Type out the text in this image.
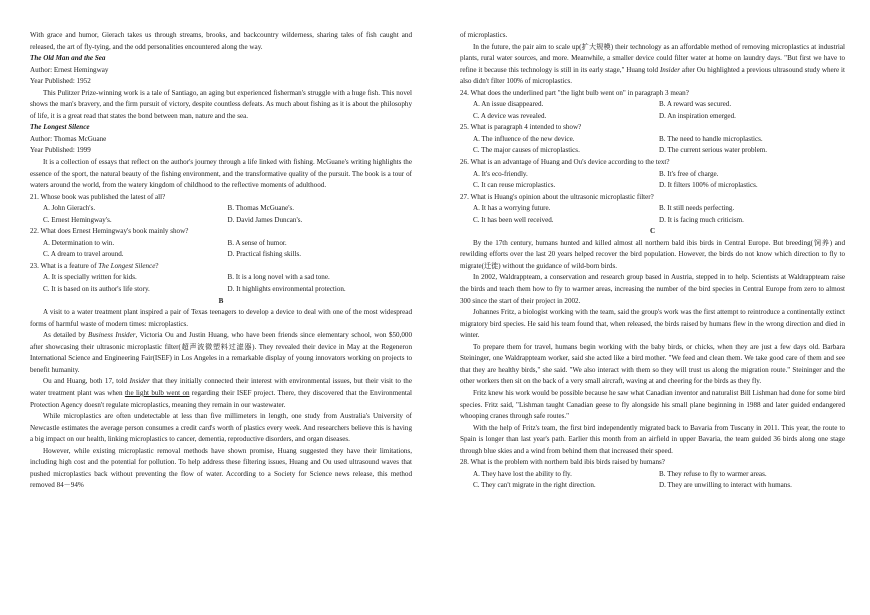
With grace and humor, Gierach takes us through streams, brooks, and backcountry wilderness, sharing tales of fish caught and released, the art of fly-tying, and the odd personalities encountered along the way.

The Old Man and the Sea

Author: Ernest Hemingway

Year Published: 1952

This Pulitzer Prize-winning work is a tale of Santiago, an aging but experienced fisherman's struggle with a huge fish. This novel shows the man's bravery, and the firm pursuit of victory, despite countless defeats. As much about fishing as it is about the philosophy of life, it is a great read that states the bond between man, nature and the sea.

The Longest Silence

Author: Thomas McGuane

Year Published: 1999

It is a collection of essays that reflect on the author's journey through a life linked with fishing. McGuane's writing highlights the essence of the sport, the natural beauty of the fishing environment, and the transformative quality of the pursuit. The book is a tour of waters around the world, from the watery kingdom of childhood to the reflective moments of adulthood.

21. Whose book was published the latest of all?

A. John Gierach's.	B. Thomas McGuane's.
C. Ernest Hemingway's.	D. David James Duncan's.

22. What does Ernest Hemingway's book mainly show?

A. Determination to win.	B. A sense of humor.
C. A dream to travel around.	D. Practical fishing skills.

23. What is a feature of The Longest Silence?

A. It is specially written for kids.	B. It is a long novel with a sad tone.
C. It is based on its author's life story.	D. It highlights environmental protection.

B

A visit to a water treatment plant inspired a pair of Texas teenagers to develop a device to deal with one of the most widespread forms of harmful waste of modern times: microplastics.

As detailed by Business Insider, Victoria Ou and Justin Huang, who have been friends since elementary school, won $50,000 after showcasing their ultrasonic microplastic filter(超声波微塑料过滤器). They revealed their device in May at the Regeneron International Science and Engineering Fair(ISEF) in Los Angeles in a remarkable display of young innovators working on projects to benefit humanity.

Ou and Huang, both 17, told Insider that they initially connected their interest with environmental issues, but their visit to the water treatment plant was when the light bulb went on regarding their ISEF project. There, they discovered that the Environmental Protection Agency doesn't regulate microplastics, meaning they remain in our wastewater.

While microplastics are often undetectable at less than five millimeters in length, one study from Australia's University of Newcastle estimates the average person consumes a credit card's worth of plastics every week. And researchers believe this is having a big impact on our health, linking microplastics to cancer, dementia, reproductive disorders, and organ diseases.

However, while existing microplastic removal methods have shown promise, Huang suggested they have their limitations, including high cost and the potential for pollution. To help address these filtering issues, Huang and Ou used ultrasound waves that pushed microplastics back without preventing the flow of water. According to a Society for Science news release, this method removed 84－94%

of microplastics.

In the future, the pair aim to scale up(扩大规模) their technology as an affordable method of removing microplastics at industrial plants, rural water sources, and more. Meanwhile, a smaller device could filter water at home on laundry days. "But first we have to refine it because this technology is still in its early stage," Huang told Insider after Ou highlighted a previous ultrasound study where it also didn't filter 100% of microplastics.

24. What does the underlined part "the light bulb went on" in paragraph 3 mean?

A. An issue disappeared.	B. A reward was secured.
C. A device was revealed.	D. An inspiration emerged.

25. What is paragraph 4 intended to show?

A. The influence of the new device.	B. The need to handle microplastics.
C. The major causes of microplastics.	D. The current serious water problem.

26. What is an advantage of Huang and Ou's device according to the text?

A. It's eco-friendly.	B. It's free of charge.
C. It can reuse microplastics.	D. It filters 100% of microplastics.

27. What is Huang's opinion about the ultrasonic microplastic filter?

A. It has a worrying future.	B. It still needs perfecting.
C. It has been well received.	D. It is facing much criticism.

C

By the 17th century, humans hunted and killed almost all northern bald ibis birds in Central Europe. But breeding(饲养) and rewilding efforts over the last 20 years helped recover the bird population. However, the birds do not know which direction to fly to migrate(迁徙) without the guidance of wild-born birds.

In 2002, Waldrappteam, a conservation and research group based in Austria, stepped in to help. Scientists at Waldrappteam raise the birds and teach them how to fly to warmer areas, increasing the number of the bird species in Central Europe from zero to almost 300 since the start of their project in 2002.

Johannes Fritz, a biologist working with the team, said the group's work was the first attempt to reintroduce a continentally extinct migratory bird species. He said his team found that, when released, the birds raised by humans flew in the wrong direction and died in winter.

To prepare them for travel, humans begin working with the baby birds, or chicks, when they are just a few days old. Barbara Steininger, one Waldrappteam worker, said she acted like a bird mother. "We feed and clean them. We take good care of them and see that they are healthy birds," she said. "We also interact with them so they will trust us along the migration route." Steininger and the other workers then sit on the back of a very small aircraft, waving at and cheering for the birds as they fly.

Fritz knew his work would be possible because he saw what Canadian inventor and naturalist Bill Lishman had done for some bird species. Fritz said, "Lishman taught Canadian geese to fly alongside his small plane beginning in 1988 and later guided endangered whooping cranes through safe routes."

With the help of Fritz's team, the first bird independently migrated back to Bavaria from Tuscany in 2011. This year, the route to Spain is longer than last year's path. Earlier this month from an airfield in upper Bavaria, the team guided 36 birds along one stage through blue skies and a wind from behind them that increased their speed.

28. What is the problem with northern bald ibis birds raised by humans?

A. They have lost the ability to fly.	B. They refuse to fly to warmer areas.
C. They can't migrate in the right direction.	D. They are unwilling to interact with humans.
